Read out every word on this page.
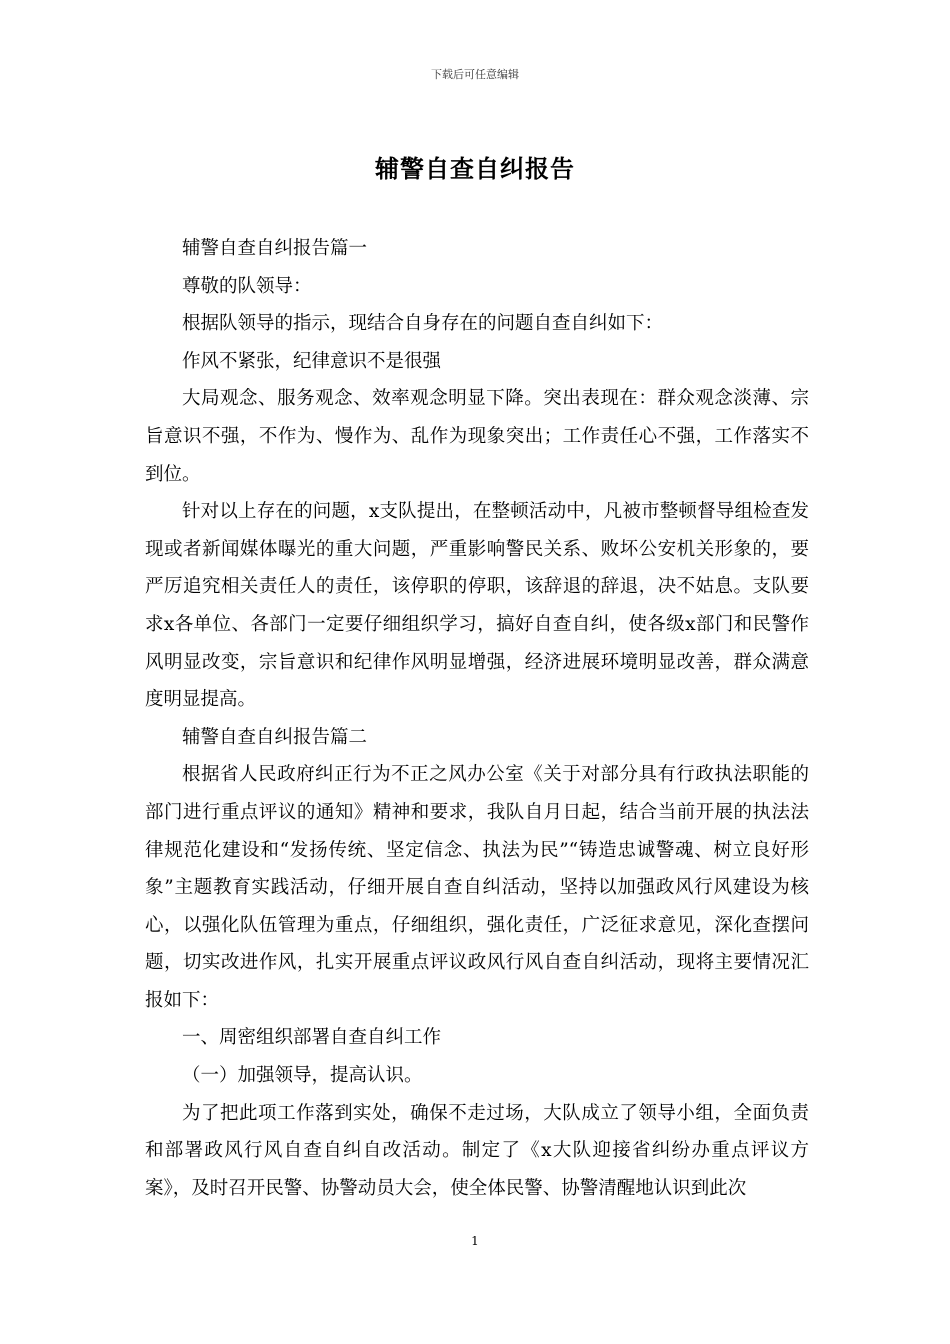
下载后可任意编辑
辅警自查自纠报告

辅警自查自纠报告篇一

尊敬的队领导：

根据队领导的指示，现结合自身存在的问题自查自纠如下：

作风不紧张，纪律意识不是很强

大局观念、服务观念、效率观念明显下降。突出表现在：群众观念淡薄、宗旨意识不强，不作为、慢作为、乱作为现象突出；工作责任心不强，工作落实不到位。

针对以上存在的问题，x支队提出，在整顿活动中，凡被市整顿督导组检查发现或者新闻媒体曝光的重大问题，严重影响警民关系、败坏公安机关形象的，要严厉追究相关责任人的责任，该停职的停职，该辞退的辞退，决不姑息。支队要求x各单位、各部门一定要仔细组织学习，搞好自查自纠，使各级x部门和民警作风明显改变，宗旨意识和纪律作风明显增强，经济进展环境明显改善，群众满意度明显提高。

辅警自查自纠报告篇二

根据省人民政府纠正行为不正之风办公室《关于对部分具有行政执法职能的部门进行重点评议的通知》精神和要求，我队自月日起，结合当前开展的执法法律规范化建设和“发扬传统、坚定信念、执法为民”“铸造忠诚警魂、树立良好形象”主题教育实践活动，仔细开展自查自纠活动，坚持以加强政风行风建设为核心，以强化队伍管理为重点，仔细组织，强化责任，广泛征求意见，深化查摆问题，切实改进作风，扎实开展重点评议政风行风自查自纠活动，现将主要情况汇报如下：

一、周密组织部署自查自纠工作

（一）加强领导，提高认识。

为了把此项工作落到实处，确保不走过场，大队成立了领导小组，全面负责和部署政风行风自查自纠自改活动。制定了《x大队迎接省纠纷办重点评议方案》，及时召开民警、协警动员大会，使全体民警、协警清醒地认识到此次

1
